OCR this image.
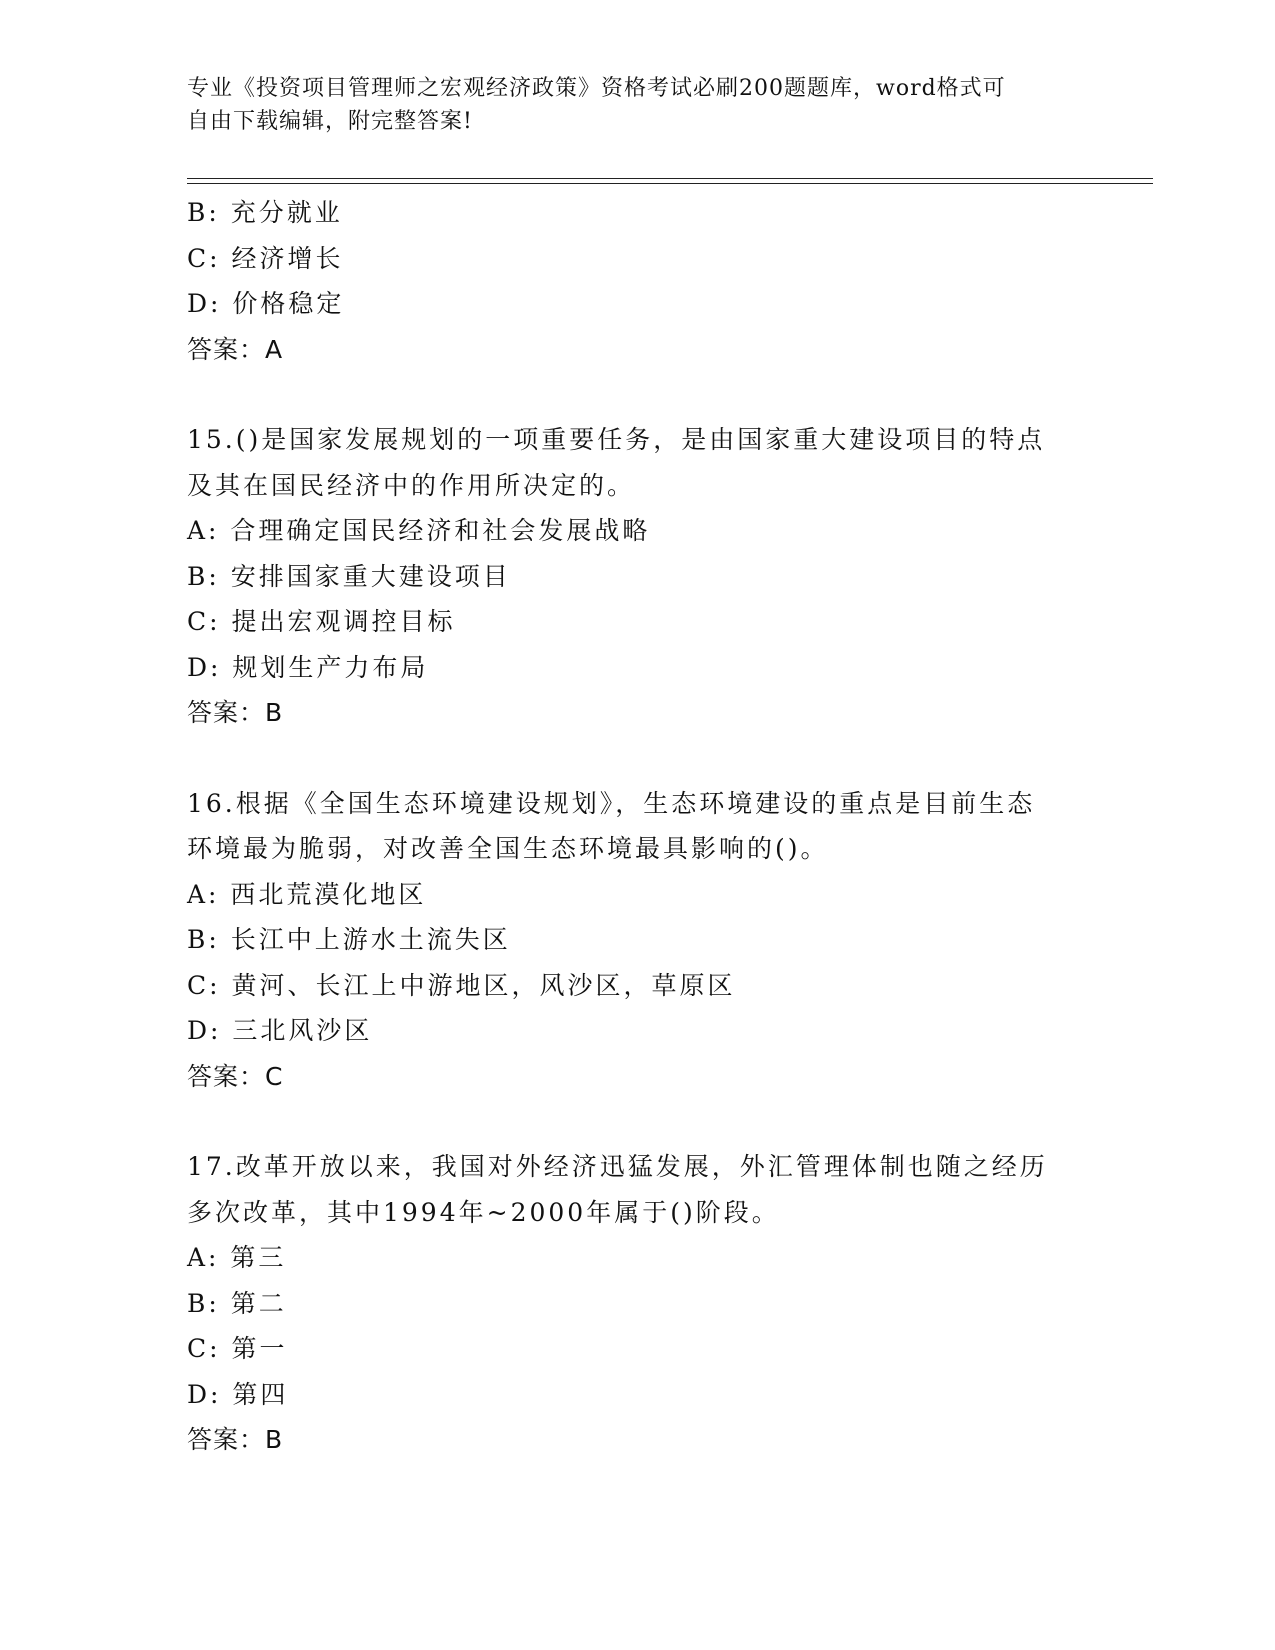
专业《投资项目管理师之宏观经济政策》资格考试必刷200题题库，word格式可
自由下载编辑，附完整答案!
B: 充分就业
C: 经济增长
D: 价格稳定
答案：A
15.()是国家发展规划的一项重要任务，是由国家重大建设项目的特点
及其在国民经济中的作用所决定的。
A: 合理确定国民经济和社会发展战略
B: 安排国家重大建设项目
C: 提出宏观调控目标
D: 规划生产力布局
答案：B
16.根据《全国生态环境建设规划》，生态环境建设的重点是目前生态
环境最为脆弱，对改善全国生态环境最具影响的()。
A: 西北荒漠化地区
B: 长江中上游水土流失区
C: 黄河、长江上中游地区，风沙区，草原区
D: 三北风沙区
答案：C
17.改革开放以来，我国对外经济迅猛发展，外汇管理体制也随之经历
多次改革，其中1994年~2000年属于()阶段。
A: 第三
B: 第二
C: 第一
D: 第四
答案：B
